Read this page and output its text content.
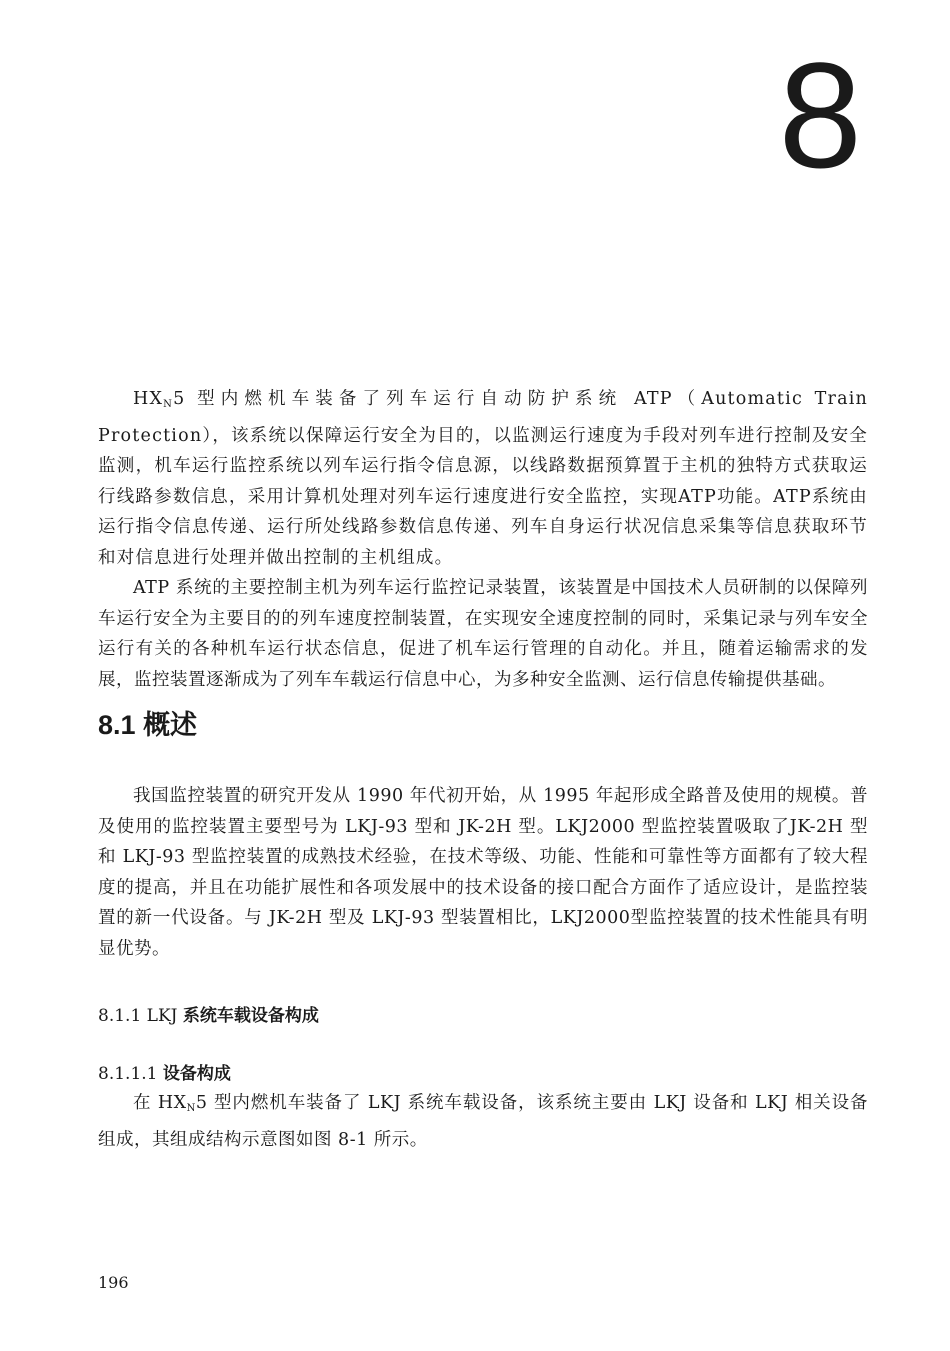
8

$HX_N5$ 型内燃机车装备了列车运行自动防护系统 ATP（Automatic Train Protection），该系统以保障运行安全为目的，以监测运行速度为手段对列车进行控制及安全监测，机车运行监控系统以列车运行指令信息源，以线路数据预算置于主机的独特方式获取运行线路参数信息，采用计算机处理对列车运行速度进行安全监控，实现ATP功能。ATP系统由运行指令信息传递、运行所处线路参数信息传递、列车自身运行状况信息采集等信息获取环节和对信息进行处理并做出控制的主机组成。

ATP 系统的主要控制主机为列车运行监控记录装置，该装置是中国技术人员研制的以保障列车运行安全为主要目的的列车速度控制装置，在实现安全速度控制的同时，采集记录与列车安全运行有关的各种机车运行状态信息，促进了机车运行管理的自动化。并且，随着运输需求的发展，监控装置逐渐成为了列车车载运行信息中心，为多种安全监测、运行信息传输提供基础。

8.1 概述

我国监控装置的研究开发从 1990 年代初开始，从 1995 年起形成全路普及使用的规模。普及使用的监控装置主要型号为 LKJ-93 型和 JK-2H 型。LKJ2000 型监控装置吸取了JK-2H 型和 LKJ-93 型监控装置的成熟技术经验，在技术等级、功能、性能和可靠性等方面都有了较大程度的提高，并且在功能扩展性和各项发展中的技术设备的接口配合方面作了适应设计，是监控装置的新一代设备。与 JK-2H 型及 LKJ-93 型装置相比，LKJ2000型监控装置的技术性能具有明显优势。

8.1.1 LKJ 系统车载设备构成
8.1.1.1 设备构成

在 $HX_N5$ 型内燃机车装备了 LKJ 系统车载设备，该系统主要由 LKJ 设备和 LKJ 相关设备组成，其组成结构示意图如图 8-1 所示。

196
